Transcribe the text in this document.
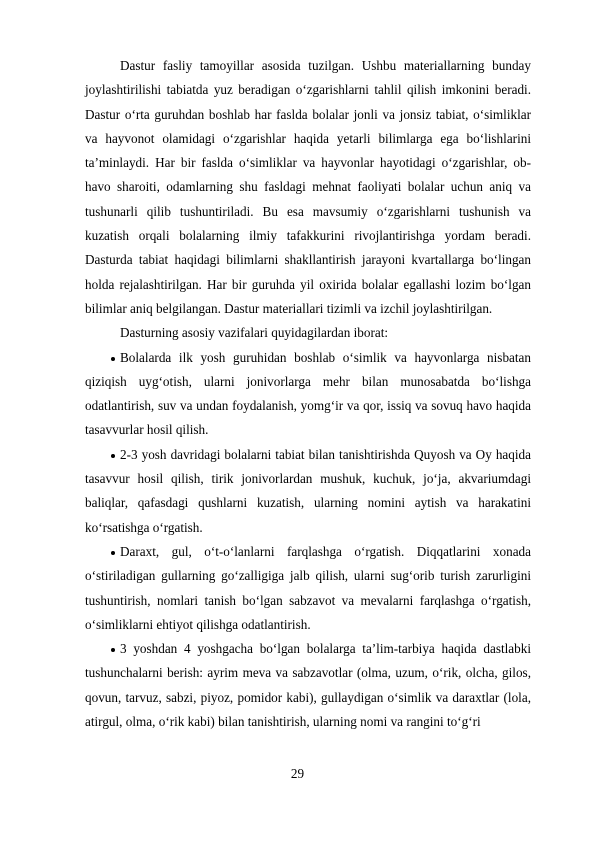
Dastur fasliy tamoyillar asosida tuzilgan. Ushbu materiallarning bunday joylashtirilishi tabiatda yuz beradigan o‘zgarishlarni tahlil qilish imkonini beradi. Dastur o‘rta guruhdan boshlab har faslda bolalar jonli va jonsiz tabiat, o‘simliklar va hayvonot olamidagi o‘zgarishlar haqida yetarli bilimlarga ega bo‘lishlarini ta’minlaydi. Har bir faslda o‘simliklar va hayvonlar hayotidagi o‘zgarishlar, ob-havo sharoiti, odamlarning shu fasldagi mehnat faoliyati bolalar uchun aniq va tushunarli qilib tushuntiriladi. Bu esa mavsumiy o‘zgarishlarni tushunish va kuzatish orqali bolalarning ilmiy tafakkurini rivojlantirishga yordam beradi. Dasturda tabiat haqidagi bilimlarni shakllantirish jarayoni kvartallarga bo‘lingan holda rejalashtirilgan. Har bir guruhda yil oxirida bolalar egallashi lozim bo‘lgan bilimlar aniq belgilangan. Dastur materiallari tizimli va izchil joylashtirilgan.

Dasturning asosiy vazifalari quyidagilardan iborat:

Bolalarda ilk yosh guruhidan boshlab o‘simlik va hayvonlarga nisbatan qiziqish uyg‘otish, ularni jonivorlarga mehr bilan munosabatda bo‘lishga odatlantirish, suv va undan foydalanish, yomg‘ir va qor, issiq va sovuq havo haqida tasavvurlar hosil qilish.
2-3 yosh davridagi bolalarni tabiat bilan tanishtirishda Quyosh va Oy haqida tasavvur hosil qilish, tirik jonivorlardan mushuk, kuchuk, jo‘ja, akvariumdagi baliqlar, qafasdagi qushlarni kuzatish, ularning nomini aytish va harakatini ko‘rsatishga o‘rgatish.
Daraxt, gul, o‘t-o‘lanlarni farqlashga o‘rgatish. Diqqatlarini xonada o‘stiriladigan gullarning go‘zalligiga jalb qilish, ularni sug‘orib turish zarurligini tushuntirish, nomlari tanish bo‘lgan sabzavot va mevalarni farqlashga o‘rgatish, o‘simliklarni ehtiyot qilishga odatlantirish.
3 yoshdan 4 yoshgacha bo‘lgan bolalarga ta’lim-tarbiya haqida dastlabki tushunchalarni berish: ayrim meva va sabzavotlar (olma, uzum, o‘rik, olcha, gilos, qovun, tarvuz, sabzi, piyoz, pomidor kabi), gullaydigan o‘simlik va daraxtlar (lola, atirgul, olma, o‘rik kabi) bilan tanishtirish, ularning nomi va rangini to‘g‘ri
29
